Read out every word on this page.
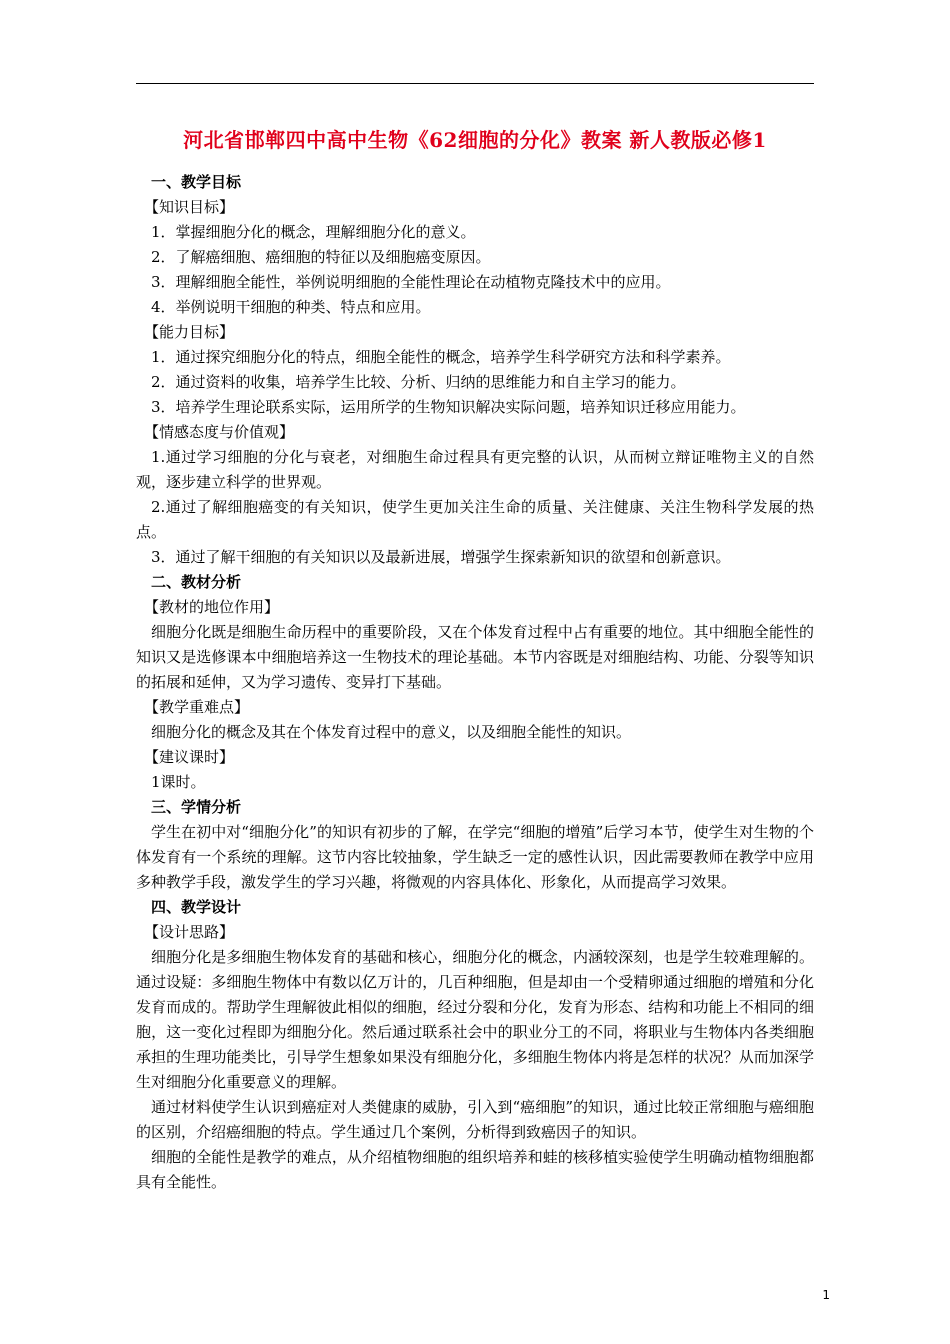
河北省邯郸四中高中生物《62细胞的分化》教案 新人教版必修1

一、教学目标

【知识目标】

1．掌握细胞分化的概念，理解细胞分化的意义。

2．了解癌细胞、癌细胞的特征以及细胞癌变原因。

3．理解细胞全能性，举例说明细胞的全能性理论在动植物克隆技术中的应用。

4．举例说明干细胞的种类、特点和应用。

【能力目标】

1．通过探究细胞分化的特点，细胞全能性的概念，培养学生科学研究方法和科学素养。

2．通过资料的收集，培养学生比较、分析、归纳的思维能力和自主学习的能力。

3．培养学生理论联系实际，运用所学的生物知识解决实际问题，培养知识迁移应用能力。

【情感态度与价值观】

1.通过学习细胞的分化与衰老，对细胞生命过程具有更完整的认识，从而树立辩证唯物主义的自然观，逐步建立科学的世界观。

2.通过了解细胞癌变的有关知识，使学生更加关注生命的质量、关注健康、关注生物科学发展的热点。

3．通过了解干细胞的有关知识以及最新进展，增强学生探索新知识的欲望和创新意识。

二、教材分析

【教材的地位作用】

细胞分化既是细胞生命历程中的重要阶段，又在个体发育过程中占有重要的地位。其中细胞全能性的知识又是选修课本中细胞培养这一生物技术的理论基础。本节内容既是对细胞结构、功能、分裂等知识的拓展和延伸，又为学习遗传、变异打下基础。

【教学重难点】

细胞分化的概念及其在个体发育过程中的意义，以及细胞全能性的知识。

【建议课时】

1课时。

三、学情分析

学生在初中对“细胞分化”的知识有初步的了解，在学完“细胞的增殖”后学习本节，使学生对生物的个体发育有一个系统的理解。这节内容比较抽象，学生缺乏一定的感性认识，因此需要教师在教学中应用多种教学手段，激发学生的学习兴趣，将微观的内容具体化、形象化，从而提高学习效果。

四、教学设计

【设计思路】

细胞分化是多细胞生物体发育的基础和核心，细胞分化的概念，内涵较深刻，也是学生较难理解的。通过设疑：多细胞生物体中有数以亿万计的，几百种细胞，但是却由一个受精卵通过细胞的增殖和分化发育而成的。帮助学生理解彼此相似的细胞，经过分裂和分化，发育为形态、结构和功能上不相同的细胞，这一变化过程即为细胞分化。然后通过联系社会中的职业分工的不同，将职业与生物体内各类细胞承担的生理功能类比，引导学生想象如果没有细胞分化，多细胞生物体内将是怎样的状况？从而加深学生对细胞分化重要意义的理解。

通过材料使学生认识到癌症对人类健康的威胁，引入到“癌细胞”的知识，通过比较正常细胞与癌细胞的区别，介绍癌细胞的特点。学生通过几个案例，分析得到致癌因子的知识。

细胞的全能性是教学的难点，从介绍植物细胞的组织培养和蛙的核移植实验使学生明确动植物细胞都具有全能性。

1
